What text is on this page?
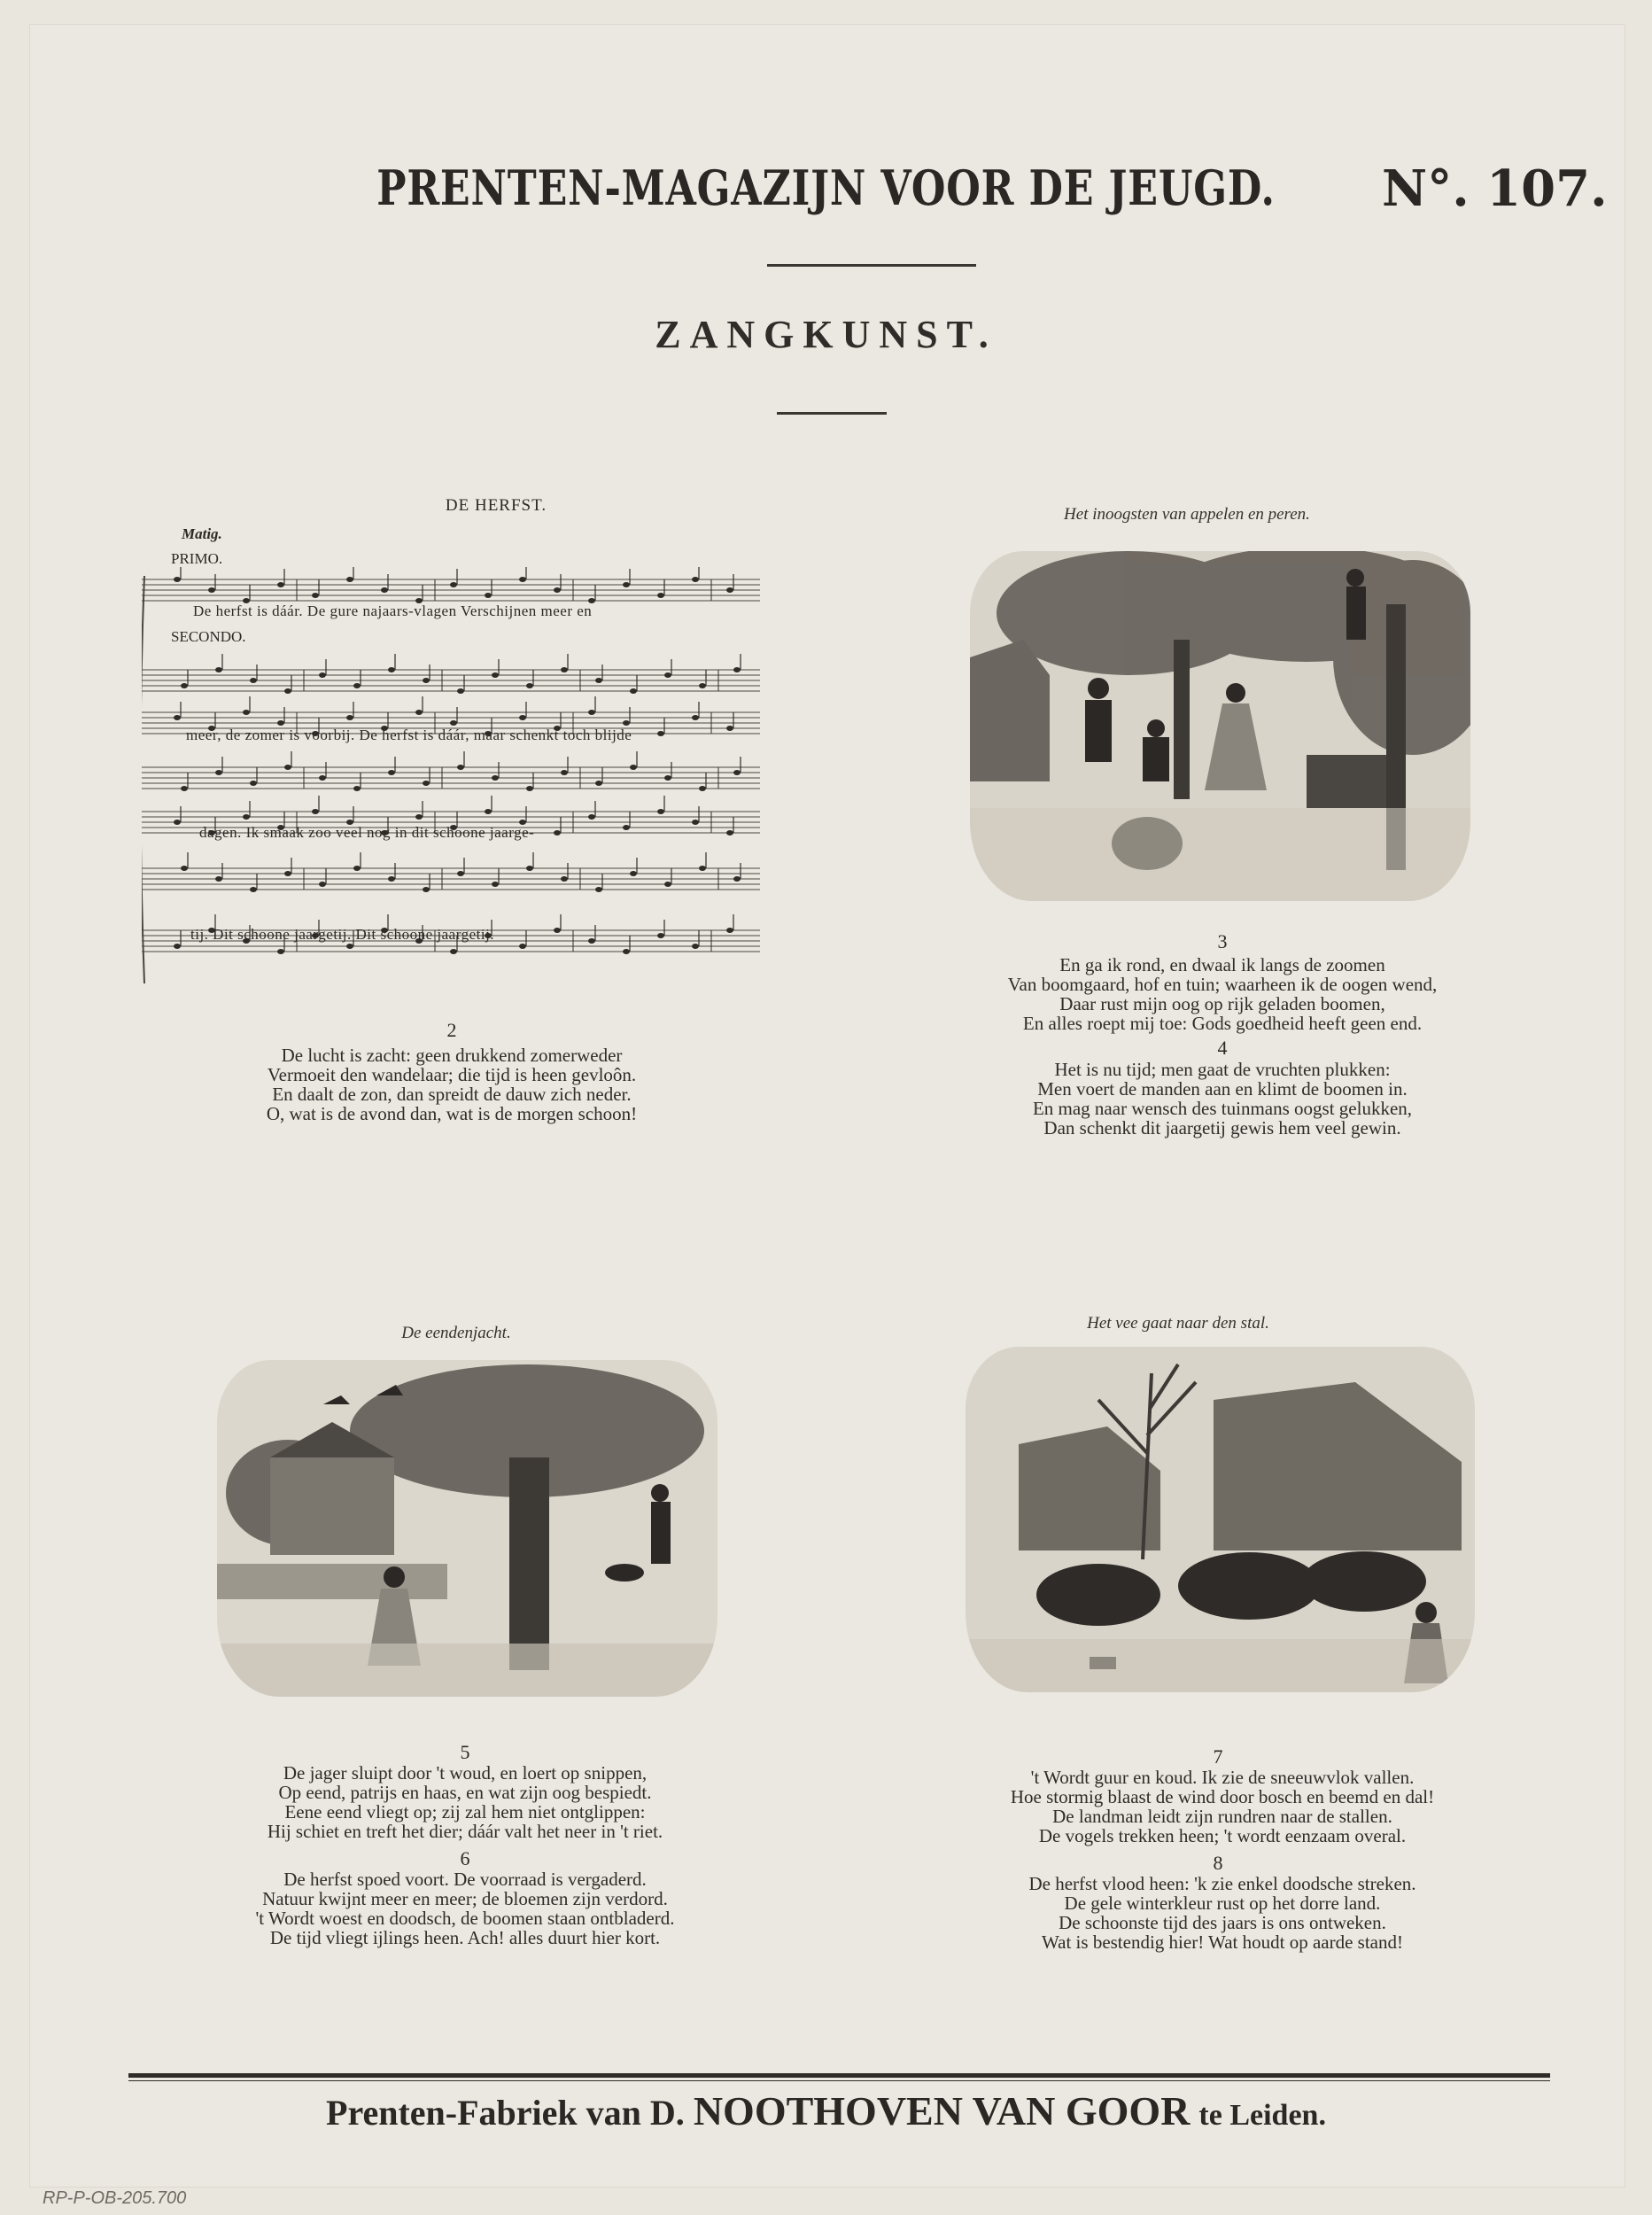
PRENTEN-MAGAZIJN VOOR DE JEUGD.	N°. 107.
ZANGKUNST.
DE HERFST.
Matig.
PRIMO.
SECONDO.
De herfst is dáár. De gure najaars-vlagen Verschijnen meer en
meer, de zomer is voorbij. De herfst is dáár, maar schenkt toch blijde
dagen. Ik smaak zoo veel nog in dit schoone jaarge-
tij. Dit schoone jaargetij. Dit schoone jaargetij.
2
De lucht is zacht: geen drukkend zomerweder
Vermoeit den wandelaar; die tijd is heen gevloôn.
En daalt de zon, dan spreidt de dauw zich neder.
O, wat is de avond dan, wat is de morgen schoon!
Het inoogsten van appelen en peren.
3
En ga ik rond, en dwaal ik langs de zoomen
Van boomgaard, hof en tuin; waarheen ik de oogen wend,
Daar rust mijn oog op rijk geladen boomen,
En alles roept mij toe: Gods goedheid heeft geen end.
4
Het is nu tijd; men gaat de vruchten plukken:
Men voert de manden aan en klimt de boomen in.
En mag naar wensch des tuinmans oogst gelukken,
Dan schenkt dit jaargetij gewis hem veel gewin.
De eendenjacht.
5
De jager sluipt door 't woud, en loert op snippen,
Op eend, patrijs en haas, en wat zijn oog bespiedt.
Eene eend vliegt op; zij zal hem niet ontglippen:
Hij schiet en treft het dier; dáár valt het neer in 't riet.
6
De herfst spoed voort. De voorraad is vergaderd.
Natuur kwijnt meer en meer; de bloemen zijn verdord.
't Wordt woest en doodsch, de boomen staan ontbladerd.
De tijd vliegt ijlings heen. Ach! alles duurt hier kort.
Het vee gaat naar den stal.
7
't Wordt guur en koud. Ik zie de sneeuwvlok vallen.
Hoe stormig blaast de wind door bosch en beemd en dal!
De landman leidt zijn rundren naar de stallen.
De vogels trekken heen; 't wordt eenzaam overal.
8
De herfst vlood heen: 'k zie enkel doodsche streken.
De gele winterkleur rust op het dorre land.
De schoonste tijd des jaars is ons ontweken.
Wat is bestendig hier! Wat houdt op aarde stand!
Prenten-Fabriek van D. NOOTHOVEN VAN GOOR te Leiden.
RP-P-OB-205.700
